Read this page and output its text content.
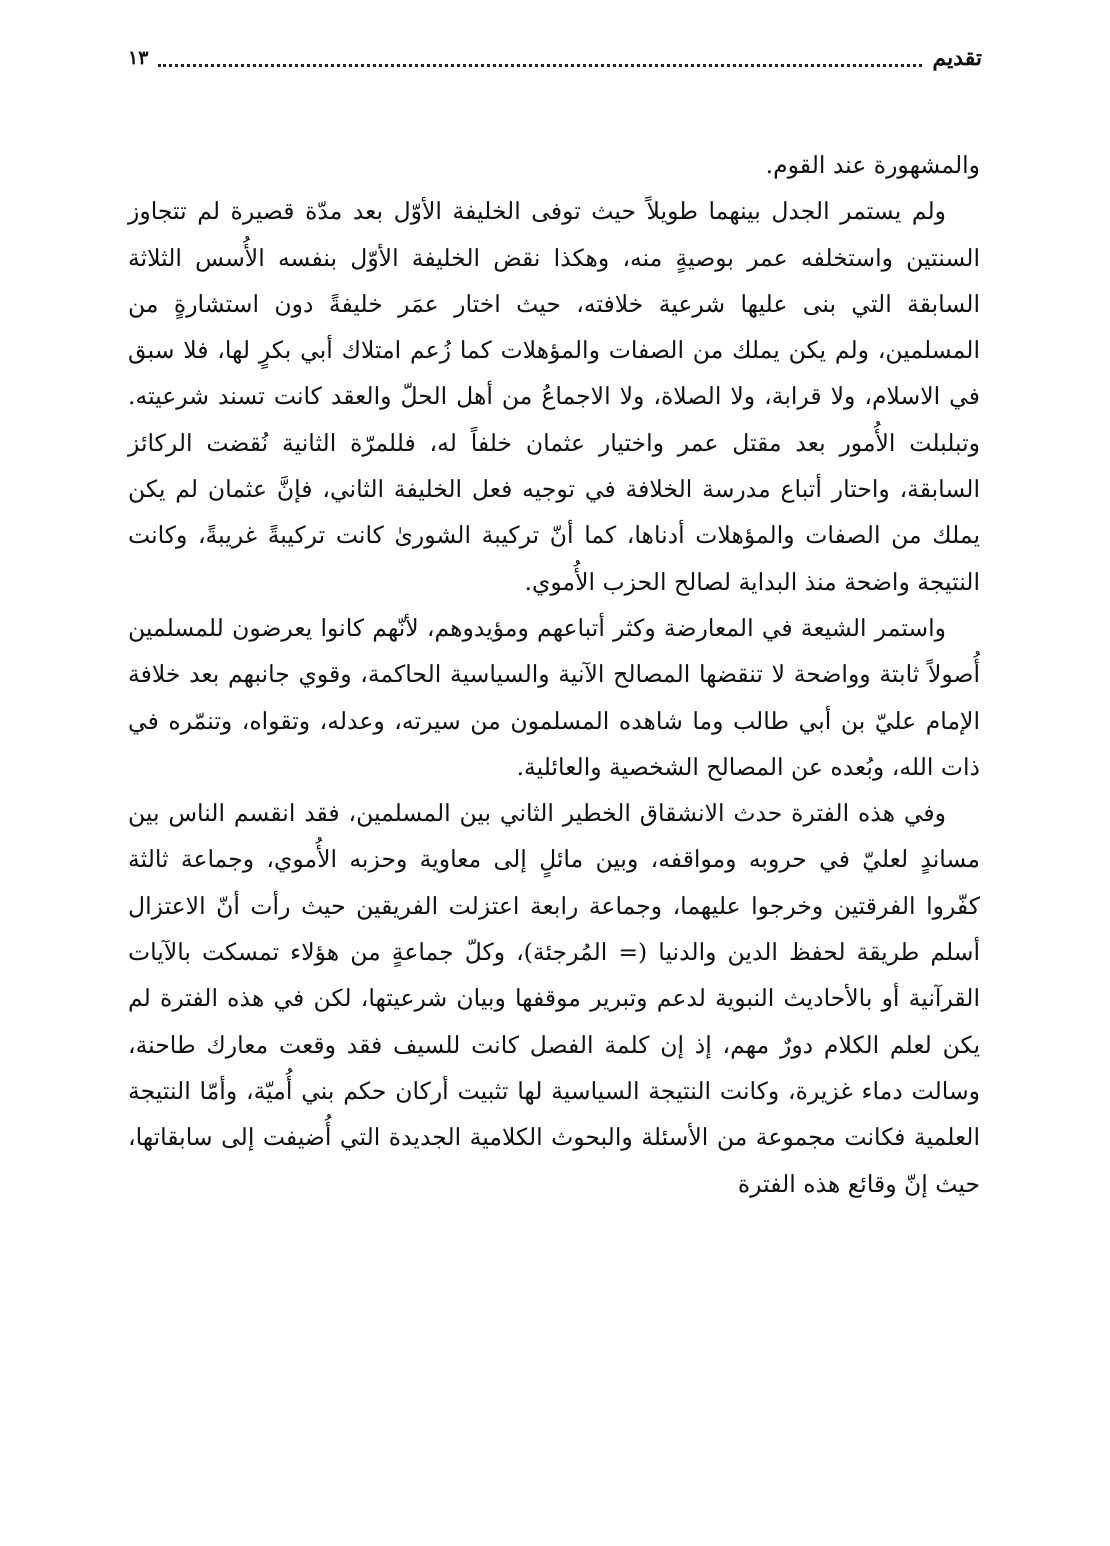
تقديم
١٣

والمشهورة عند القوم.

ولم يستمر الجدل بينهما طويلاً حيث توفى الخليفة الأوّل بعد مدّة قصيرة لم تتجاوز السنتين واستخلفه عمر بوصيةٍ منه، وهكذا نقض الخليفة الأوّل بنفسه الأُسس الثلاثة السابقة التي بنى عليها شرعية خلافته، حيث اختار عمَر خليفةً دون استشارةٍ من المسلمين، ولم يكن يملك من الصفات والمؤهلات كما زُعم امتلاك أبي بكرٍ لها، فلا سبق في الاسلام، ولا قرابة، ولا الصلاة، ولا الاجماعُ من أهل الحلّ والعقد كانت تسند شرعيته. وتبلبلت الأُمور بعد مقتل عمر واختيار عثمان خلفاً له، فللمرّة الثانية نُقضت الركائز السابقة، واحتار أتباع مدرسة الخلافة في توجيه فعل الخليفة الثاني، فإنَّ عثمان لم يكن يملك من الصفات والمؤهلات أدناها، كما أنّ تركيبة الشورىٰ كانت تركيبةً غريبةً، وكانت النتيجة واضحة منذ البداية لصالح الحزب الأُموي.

واستمر الشيعة في المعارضة وكثر أتباعهم ومؤيدوهم، لأنّهم كانوا يعرضون للمسلمين أُصولاً ثابتة وواضحة لا تنقضها المصالح الآنية والسياسية الحاكمة، وقوي جانبهم بعد خلافة الإمام عليّ بن أبي طالب وما شاهده المسلمون من سيرته، وعدله، وتقواه، وتنمّره في ذات الله، وبُعده عن المصالح الشخصية والعائلية.

وفي هذه الفترة حدث الانشقاق الخطير الثاني بين المسلمين، فقد انقسم الناس بين مساندٍ لعليّ في حروبه ومواقفه، وبين مائلٍ إلى معاوية وحزبه الأُموي، وجماعة ثالثة كفّروا الفرقتين وخرجوا عليهما، وجماعة رابعة اعتزلت الفريقين حيث رأت أنّ الاعتزال أسلم طريقة لحفظ الدين والدنيا (= المُرجئة)، وكلّ جماعةٍ من هؤلاء تمسكت بالآيات القرآنية أو بالأحاديث النبوية لدعم وتبرير موقفها وبيان شرعيتها، لكن في هذه الفترة لم يكن لعلم الكلام دورٌ مهم، إذ إن كلمة الفصل كانت للسيف فقد وقعت معارك طاحنة، وسالت دماء غزيرة، وكانت النتيجة السياسية لها تثبيت أركان حكم بني أُميّة، وأمّا النتيجة العلمية فكانت مجموعة من الأسئلة والبحوث الكلامية الجديدة التي أُضيفت إلى سابقاتها، حيث إنّ وقائع هذه الفترة
